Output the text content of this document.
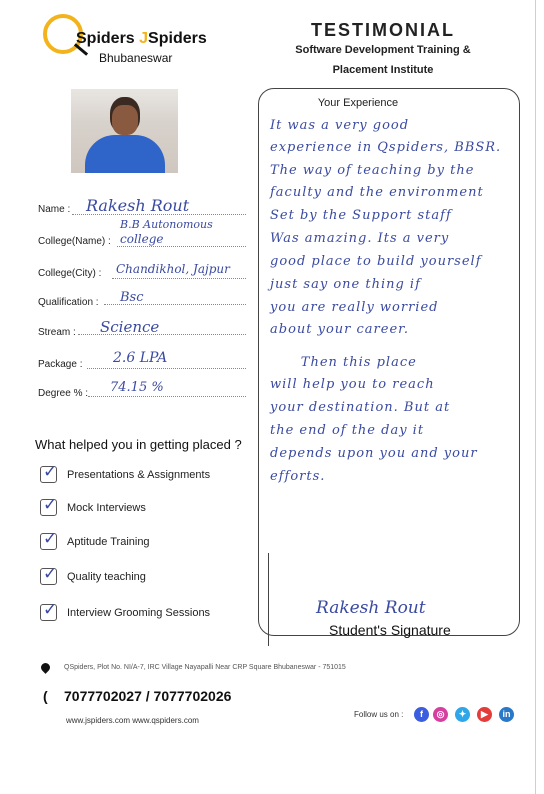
Spiders JSpiders
Bhubaneswar
TESTIMONIAL
Software Development Training &
Placement Institute
Your Experience
It was a very good
experience in Qspiders, BBSR.
The way of teaching by the
faculty and the environment
Set by the Support staff
Was amazing. Its a very
good place to build yourself
just say one thing if
you are really worried
about your career.
Then this place
will help you to reach
your destination. But at
the end of the day it
depends upon you and your
efforts.
Rakesh Rout
Student's Signature
Name : Rakesh Rout
B.B Autonomous
College(Name) : college
College(City) : Chandikhol, Jajpur
Qualification : Bsc
Stream : Science
Package : 2.6 LPA
Degree % : 74.15 %
What helped you in getting placed ?
✓ Presentations & Assignments
✓ Mock Interviews
✓ Aptitude Training
✓ Quality teaching
✓ Interview Grooming Sessions
QSpiders, Plot No. NI/A-7, IRC Village Nayapalli Near CRP Square Bhubaneswar - 751015
( 7077702027 / 7077702026
www.jspiders.com www.qspiders.com
Follow us on :	f	◎	✦	▶	in
